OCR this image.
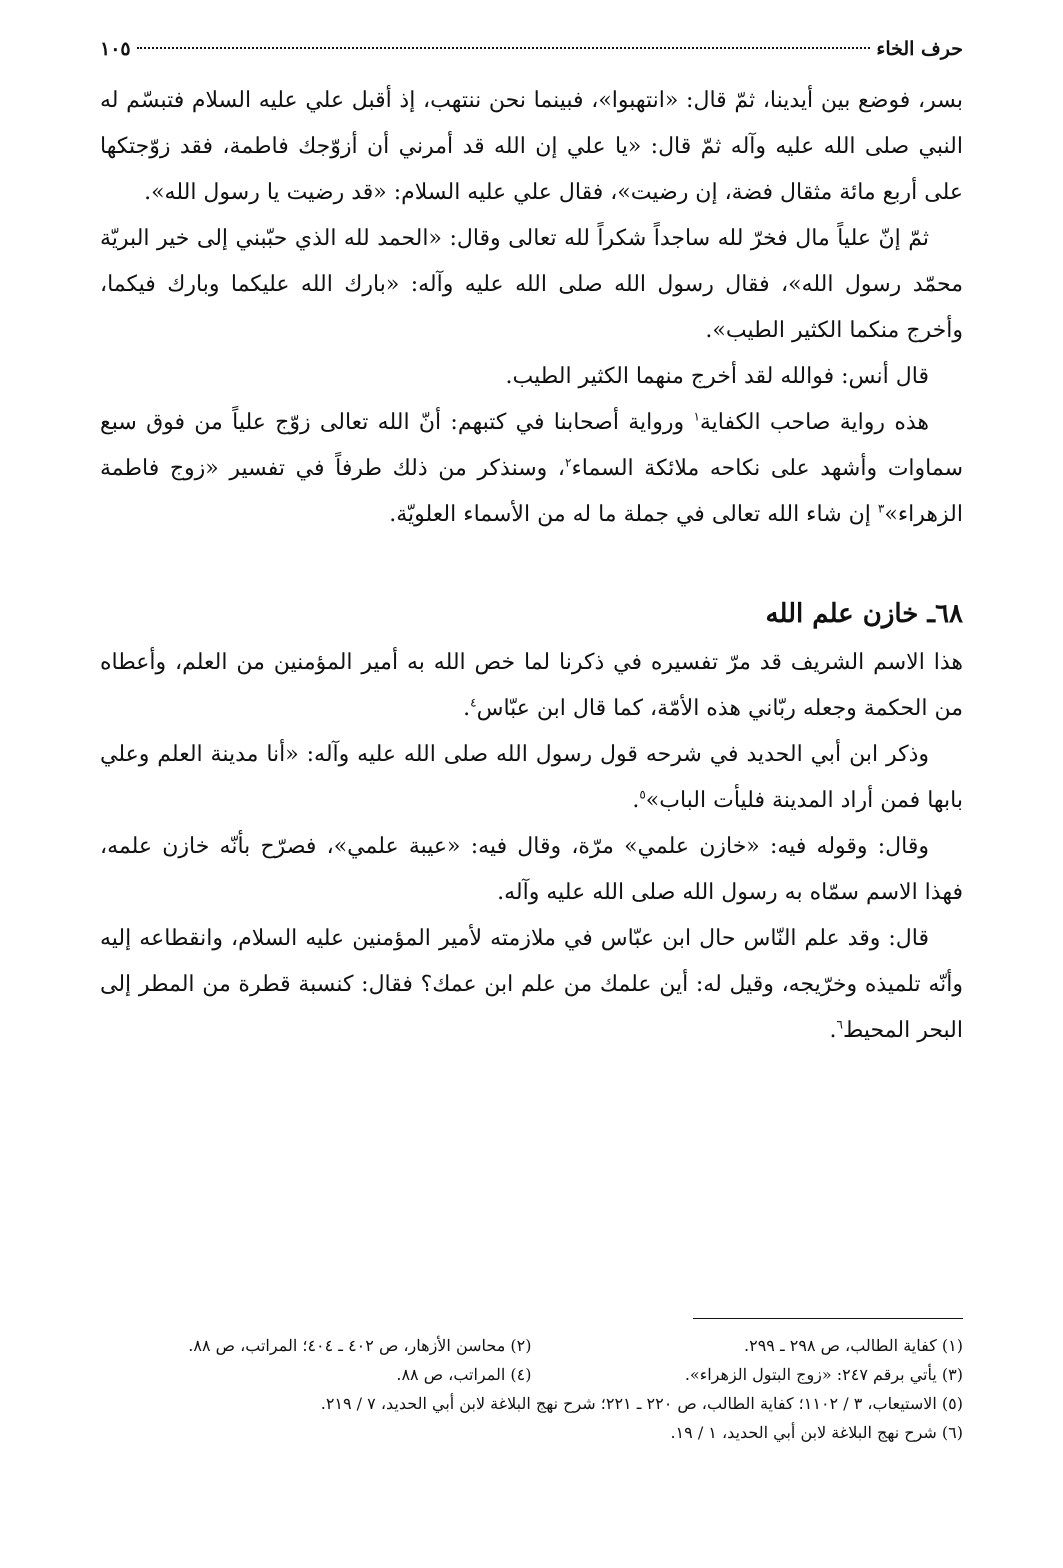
حرف الخاء
١٠٥

بسر، فوضع بين أيدينا، ثمّ قال: «انتهبوا»، فبينما نحن ننتهب، إذ أقبل علي عليه السلام فتبسّم له النبي صلى الله عليه وآله ثمّ قال: «يا علي إن الله قد أمرني أن أزوّجك فاطمة، فقد زوّجتكها على أربع مائة مثقال فضة، إن رضيت»، فقال علي عليه السلام: «قد رضيت يا رسول الله».

ثمّ إنّ علياً مال فخرّ لله ساجداً شكراً لله تعالى وقال: «الحمد لله الذي حبّبني إلى خير البريّة محمّد رسول الله»، فقال رسول الله صلى الله عليه وآله: «بارك الله عليكما وبارك فيكما، وأخرج منكما الكثير الطيب».

قال أنس: فوالله لقد أخرج منهما الكثير الطيب.

هذه رواية صاحب الكفاية$^١$ ورواية أصحابنا في كتبهم: أنّ الله تعالى زوّج علياً من فوق سبع سماوات وأشهد على نكاحه ملائكة السماء$^٢$، وسنذكر من ذلك طرفاً في تفسير «زوج فاطمة الزهراء»$^٣$ إن شاء الله تعالى في جملة ما له من الأسماء العلويّة.

٦٨ـ خازن علم الله

هذا الاسم الشريف قد مرّ تفسيره في ذكرنا لما خص الله به أمير المؤمنين من العلم، وأعطاه من الحكمة وجعله ربّاني هذه الأمّة، كما قال ابن عبّاس$^٤$.

وذكر ابن أبي الحديد في شرحه قول رسول الله صلى الله عليه وآله: «أنا مدينة العلم وعلي بابها فمن أراد المدينة فليأت الباب»$^٥$.

وقال: وقوله فيه: «خازن علمي» مرّة، وقال فيه: «عيبة علمي»، فصرّح بأنّه خازن علمه، فهذا الاسم سمّاه به رسول الله صلى الله عليه وآله.

قال: وقد علم النّاس حال ابن عبّاس في ملازمته لأمير المؤمنين عليه السلام، وانقطاعه إليه وأنّه تلميذه وخرّيجه، وقيل له: أين علمك من علم ابن عمك؟ فقال: كنسبة قطرة من المطر إلى البحر المحيط$^٦$.

(١) كفاية الطالب، ص ٢٩٨ ـ ٢٩٩.
(٢) محاسن الأزهار، ص ٤٠٢ ـ ٤٠٤؛ المراتب، ص ٨٨.
(٣) يأتي برقم ٢٤٧: «زوج البتول الزهراء».
(٤) المراتب، ص ٨٨.
(٥) الاستيعاب، ٣ / ١١٠٢؛ كفاية الطالب، ص ٢٢٠ ـ ٢٢١؛ شرح نهج البلاغة لابن أبي الحديد، ٧ / ٢١٩.
(٦) شرح نهج البلاغة لابن أبي الحديد، ١ / ١٩.
